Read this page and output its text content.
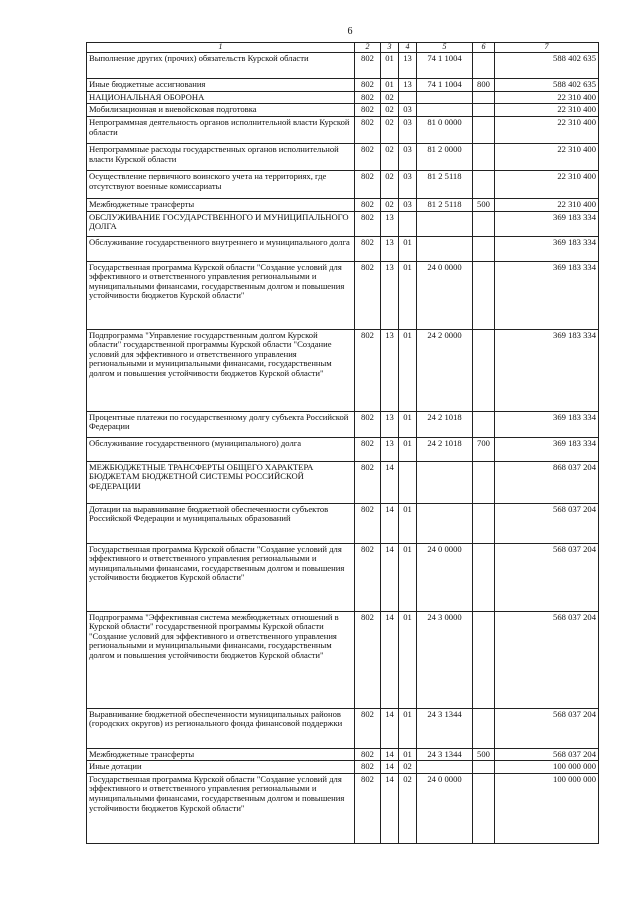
6
1	2	3	4	5	6	7
Выполнение других (прочих) обязательств Курской области	802	01	13	74 1 1004		588 402 635
Иные бюджетные ассигнования	802	01	13	74 1 1004	800	588 402 635
НАЦИОНАЛЬНАЯ ОБОРОНА	802	02				22 310 400
Мобилизационная и вневойсковая подготовка	802	02	03			22 310 400
Непрограммная деятельность органов исполнительной власти Курской области	802	02	03	81 0 0000		22 310 400
Непрограммные расходы государственных органов исполнительной власти Курской области	802	02	03	81 2 0000		22 310 400
Осуществление первичного воинского учета на территориях, где отсутствуют военные комиссариаты	802	02	03	81 2 5118		22 310 400
Межбюджетные трансферты	802	02	03	81 2 5118	500	22 310 400
ОБСЛУЖИВАНИЕ ГОСУДАРСТВЕННОГО И МУНИЦИПАЛЬНОГО ДОЛГА	802	13				369 183 334
Обслуживание государственного внутреннего и муниципального долга	802	13	01			369 183 334
Государственная программа Курской области "Создание условий для эффективного и ответственного управления региональными и муниципальными финансами, государственным долгом и повышения устойчивости бюджетов Курской области"	802	13	01	24 0 0000		369 183 334
Подпрограмма "Управление государственным долгом Курской области" государственной программы Курской области "Создание условий для эффективного и ответственного управления региональными и муниципальными финансами, государственным долгом и повышения устойчивости бюджетов Курской области"	802	13	01	24 2 0000		369 183 334
Процентные платежи по государственному долгу субъекта Российской Федерации	802	13	01	24 2 1018		369 183 334
Обслуживание государственного (муниципального) долга	802	13	01	24 2 1018	700	369 183 334
МЕЖБЮДЖЕТНЫЕ ТРАНСФЕРТЫ ОБЩЕГО ХАРАКТЕРА БЮДЖЕТАМ БЮДЖЕТНОЙ СИСТЕМЫ РОССИЙСКОЙ ФЕДЕРАЦИИ	802	14				868 037 204
Дотации на выравнивание бюджетной обеспеченности субъектов Российской Федерации и муниципальных образований	802	14	01			568 037 204
Государственная программа Курской области "Создание условий для эффективного и ответственного управления региональными и муниципальными финансами, государственным долгом и повышения устойчивости бюджетов Курской области"	802	14	01	24 0 0000		568 037 204
Подпрограмма "Эффективная система межбюджетных отношений в Курской области" государственной программы Курской области "Создание условий для эффективного и ответственного управления региональными и муниципальными финансами, государственным долгом и повышения устойчивости бюджетов Курской области"	802	14	01	24 3 0000		568 037 204
Выравнивание бюджетной обеспеченности муниципальных районов (городских округов) из регионального фонда финансовой поддержки	802	14	01	24 3 1344		568 037 204
Межбюджетные трансферты	802	14	01	24 3 1344	500	568 037 204
Иные дотации	802	14	02			100 000 000
Государственная программа Курской области "Создание условий для эффективного и ответственного управления региональными и муниципальными финансами, государственным долгом и повышения устойчивости бюджетов Курской области"	802	14	02	24 0 0000		100 000 000
